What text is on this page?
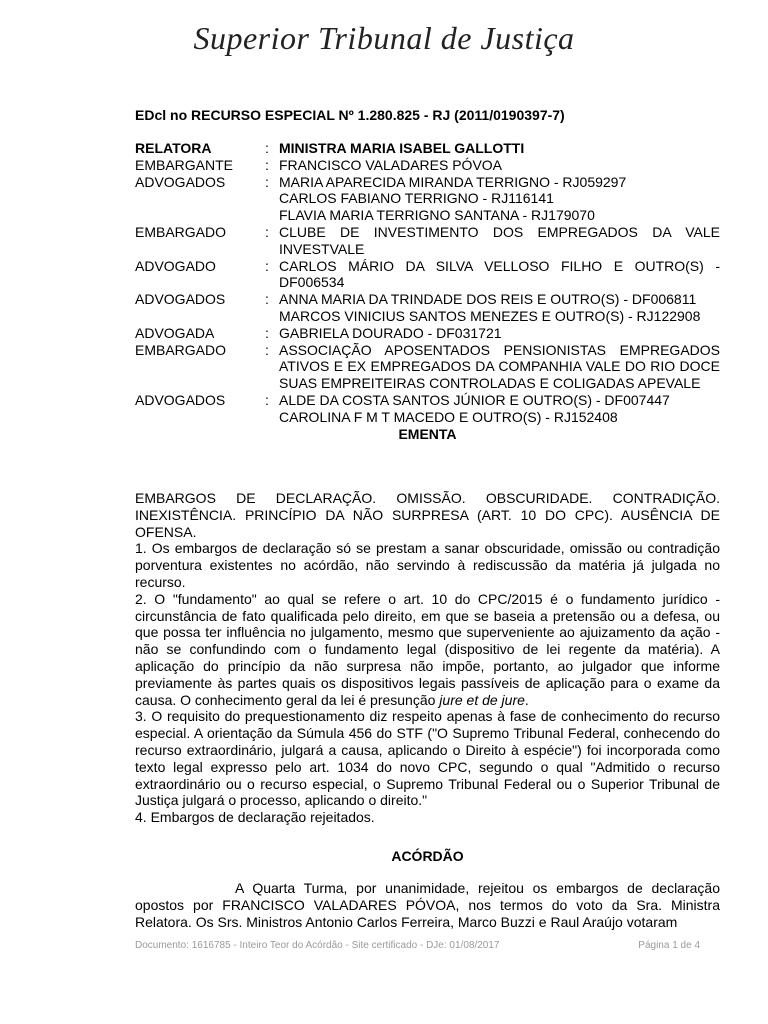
Superior Tribunal de Justiça
EDcl no RECURSO ESPECIAL Nº 1.280.825 - RJ (2011/0190397-7)
RELATORA	: MINISTRA MARIA ISABEL GALLOTTI
EMBARGANTE	: FRANCISCO VALADARES PÓVOA
ADVOGADOS	: MARIA APARECIDA MIRANDA TERRIGNO - RJ059297
CARLOS FABIANO TERRIGNO - RJ116141
FLAVIA MARIA TERRIGNO SANTANA - RJ179070
EMBARGADO	: CLUBE DE INVESTIMENTO DOS EMPREGADOS DA VALE INVESTVALE
ADVOGADO	: CARLOS MÁRIO DA SILVA VELLOSO FILHO E OUTRO(S) - DF006534
ADVOGADOS	: ANNA MARIA DA TRINDADE DOS REIS E OUTRO(S) - DF006811
MARCOS VINICIUS SANTOS MENEZES E OUTRO(S) - RJ122908
ADVOGADA	: GABRIELA DOURADO - DF031721
EMBARGADO	: ASSOCIAÇÃO APOSENTADOS PENSIONISTAS EMPREGADOS ATIVOS E EX EMPREGADOS DA COMPANHIA VALE DO RIO DOCE SUAS EMPREITEIRAS CONTROLADAS E COLIGADAS APEVALE
ADVOGADOS	: ALDE DA COSTA SANTOS JÚNIOR E OUTRO(S) - DF007447
CAROLINA F M T MACEDO E OUTRO(S) - RJ152408
EMENTA

EMBARGOS DE DECLARAÇÃO. OMISSÃO. OBSCURIDADE. CONTRADIÇÃO. INEXISTÊNCIA. PRINCÍPIO DA NÃO SURPRESA (ART. 10 DO CPC). AUSÊNCIA DE OFENSA.

1. Os embargos de declaração só se prestam a sanar obscuridade, omissão ou contradição porventura existentes no acórdão, não servindo à rediscussão da matéria já julgada no recurso.

2. O "fundamento" ao qual se refere o art. 10 do CPC/2015 é o fundamento jurídico - circunstância de fato qualificada pelo direito, em que se baseia a pretensão ou a defesa, ou que possa ter influência no julgamento, mesmo que superveniente ao ajuizamento da ação - não se confundindo com o fundamento legal (dispositivo de lei regente da matéria). A aplicação do princípio da não surpresa não impõe, portanto, ao julgador que informe previamente às partes quais os dispositivos legais passíveis de aplicação para o exame da causa. O conhecimento geral da lei é presunção jure et de jure.

3. O requisito do prequestionamento diz respeito apenas à fase de conhecimento do recurso especial. A orientação da Súmula 456 do STF ("O Supremo Tribunal Federal, conhecendo do recurso extraordinário, julgará a causa, aplicando o Direito à espécie") foi incorporada como texto legal expresso pelo art. 1034 do novo CPC, segundo o qual "Admitido o recurso extraordinário ou o recurso especial, o Supremo Tribunal Federal ou o Superior Tribunal de Justiça julgará o processo, aplicando o direito."

4. Embargos de declaração rejeitados.

ACÓRDÃO
A Quarta Turma, por unanimidade, rejeitou os embargos de declaração opostos por FRANCISCO VALADARES PÓVOA, nos termos do voto da Sra. Ministra Relatora. Os Srs. Ministros Antonio Carlos Ferreira, Marco Buzzi e Raul Araújo votaram
Documento: 1616785 - Inteiro Teor do Acórdão - Site certificado - DJe: 01/08/2017	Página 1 de 4
